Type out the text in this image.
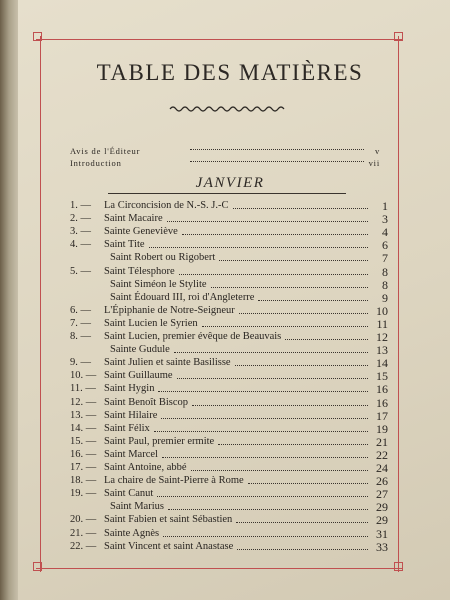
TABLE DES MATIÈRES
Avis de l'Éditeur	v
Introduction	vii
JANVIER
1. — La Circoncision de N.-S. J.-C	1
2. — Saint Macaire	3
3. — Sainte Geneviève	4
4. — Saint Tite	6
Saint Robert ou Rigobert	7
5. — Saint Télesphore	8
Saint Siméon le Stylite	8
Saint Édouard III, roi d'Angleterre	9
6. — L'Épiphanie de Notre-Seigneur	10
7. — Saint Lucien le Syrien	11
8. — Saint Lucien, premier évêque de Beauvais	12
Sainte Gudule	13
9. — Saint Julien et sainte Basilisse	14
10. — Saint Guillaume	15
11. — Saint Hygin	16
12. — Saint Benoît Biscop	16
13. — Saint Hilaire	17
14. — Saint Félix	19
15. — Saint Paul, premier ermite	21
16. — Saint Marcel	22
17. — Saint Antoine, abbé	24
18. — La chaire de Saint-Pierre à Rome	26
19. — Saint Canut	27
Saint Marius	29
20. — Saint Fabien et saint Sébastien	29
21. — Sainte Agnès	31
22. — Saint Vincent et saint Anastase	33
